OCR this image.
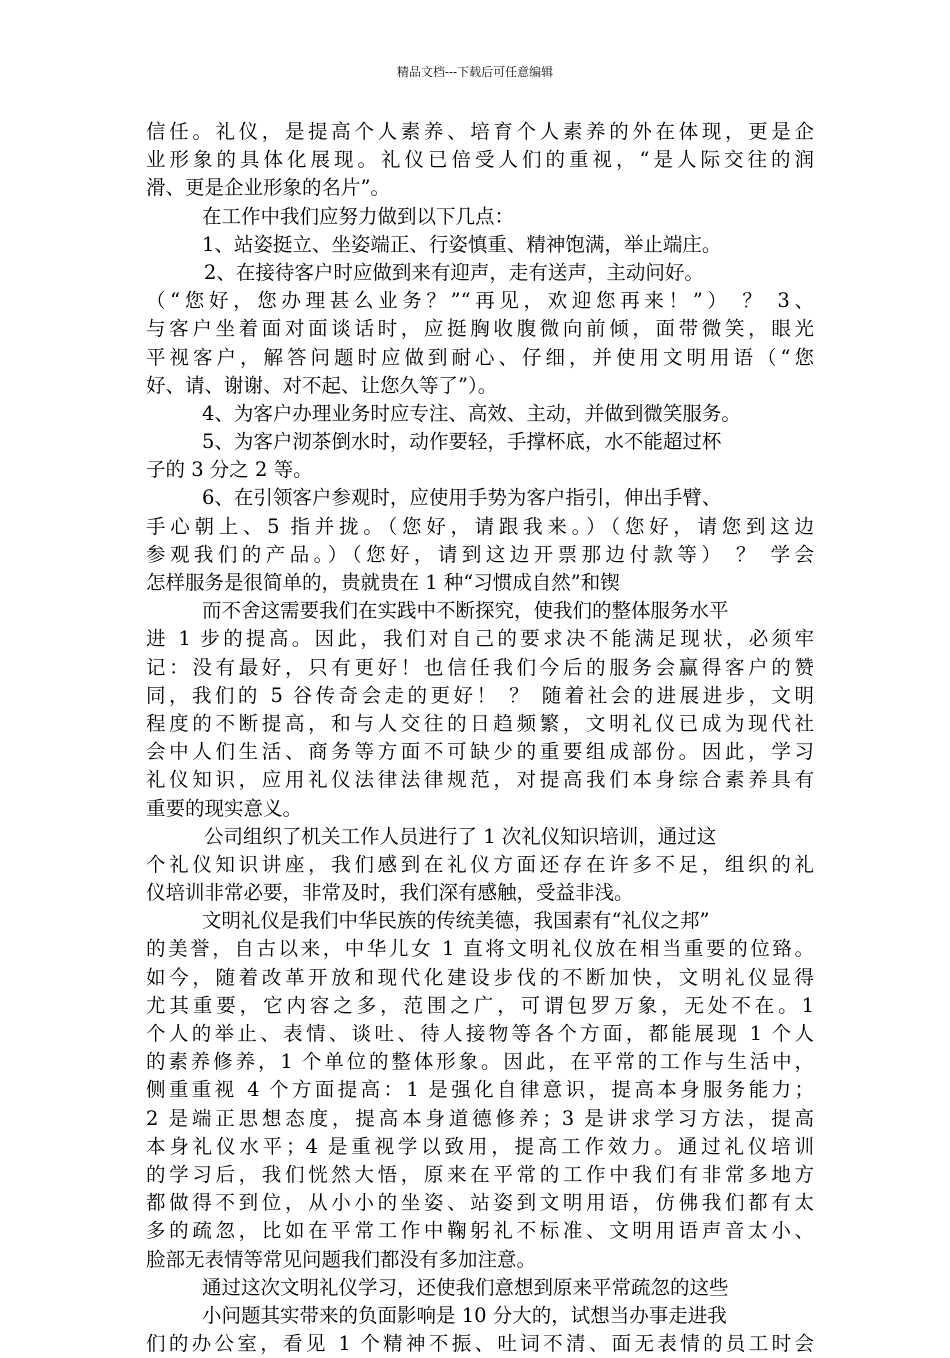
精品文档---下载后可任意编辑
信任。礼仪，是提高个人素养、培育个人素养的外在体现，更是企
业形象的具体化展现。礼仪已倍受人们的重视，“是人际交往的润
滑、更是企业形象的名片”。
在工作中我们应努力做到以下几点：
1、站姿挺立、坐姿端正、行姿慎重、精神饱满，举止端庄。
2、在接待客户时应做到来有迎声，走有送声，主动问好。
（“您好，您办理甚么业务？”“再见，欢迎您再来！”） ？ 3、
与客户坐着面对面谈话时，应挺胸收腹微向前倾，面带微笑，眼光
平视客户，解答问题时应做到耐心、仔细，并使用文明用语（“您
好、请、谢谢、对不起、让您久等了”）。
4、为客户办理业务时应专注、高效、主动，并做到微笑服务。
5、为客户沏茶倒水时，动作要轻，手撑杯底，水不能超过杯
子的 3 分之 2 等。
6、在引领客户参观时，应使用手势为客户指引，伸出手臂、
手心朝上、5 指并拢。（您好，请跟我来。）（您好，请您到这边
参观我们的产品。）（您好，请到这边开票那边付款等） ？ 学会
怎样服务是很简单的，贵就贵在 1 种“习惯成自然”和锲
而不舍这需要我们在实践中不断探究，使我们的整体服务水平
进 1 步的提高。因此，我们对自己的要求决不能满足现状，必须牢
记：没有最好，只有更好！也信任我们今后的服务会赢得客户的赞
同，我们的 5 谷传奇会走的更好！ ？ 随着社会的进展进步，文明
程度的不断提高，和与人交往的日趋频繁，文明礼仪已成为现代社
会中人们生活、商务等方面不可缺少的重要组成部份。因此，学习
礼仪知识，应用礼仪法律法律规范，对提高我们本身综合素养具有
重要的现实意义。
公司组织了机关工作人员进行了 1 次礼仪知识培训，通过这
个礼仪知识讲座，我们感到在礼仪方面还存在许多不足，组织的礼
仪培训非常必要，非常及时，我们深有感触，受益非浅。
文明礼仪是我们中华民族的传统美德，我国素有“礼仪之邦”
的美誉，自古以来，中华儿女 1 直将文明礼仪放在相当重要的位臵。
如今，随着改革开放和现代化建设步伐的不断加快，文明礼仪显得
尤其重要，它内容之多，范围之广，可谓包罗万象，无处不在。1
个人的举止、表情、谈吐、待人接物等各个方面，都能展现 1 个人
的素养修养，1 个单位的整体形象。因此，在平常的工作与生活中，
侧重重视 4 个方面提高：1 是强化自律意识，提高本身服务能力；
2 是端正思想态度，提高本身道德修养；3 是讲求学习方法，提高
本身礼仪水平；4 是重视学以致用，提高工作效力。通过礼仪培训
的学习后，我们恍然大悟，原来在平常的工作中我们有非常多地方
都做得不到位，从小小的坐姿、站姿到文明用语，仿佛我们都有太
多的疏忽，比如在平常工作中鞠躬礼不标准、文明用语声音太小、
脸部无表情等常见问题我们都没有多加注意。
通过这次文明礼仪学习，还使我们意想到原来平常疏忽的这些
小问题其实带来的负面影响是 10 分大的，试想当办事走进我
们的办公室，看见 1 个精神不振、吐词不清、面无表情的员工时会
